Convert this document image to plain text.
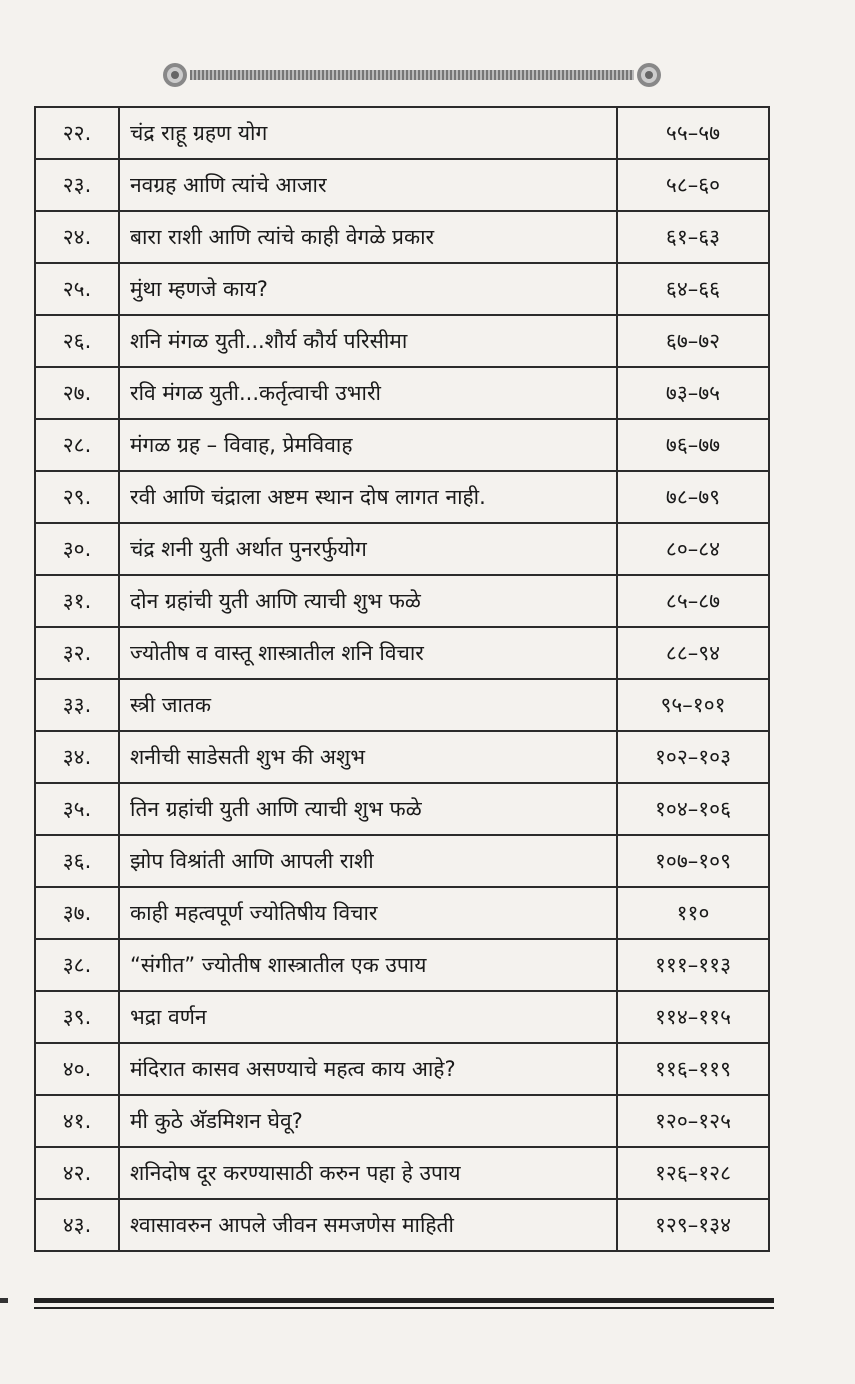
२२.	चंद्र राहू ग्रहण योग	५५–५७
२३.	नवग्रह आणि त्यांचे आजार	५८–६०
२४.	बारा राशी आणि त्यांचे काही वेगळे प्रकार	६१–६३
२५.	मुंथा म्हणजे काय?	६४–६६
२६.	शनि मंगळ युती...शौर्य कौर्य परिसीमा	६७–७२
२७.	रवि मंगळ युती...कर्तृत्वाची उभारी	७३–७५
२८.	मंगळ ग्रह – विवाह, प्रेमविवाह	७६–७७
२९.	रवी आणि चंद्राला अष्टम स्थान दोष लागत नाही.	७८–७९
३०.	चंद्र शनी युती अर्थात पुनरर्फुयोग	८०–८४
३१.	दोन ग्रहांची युती आणि त्याची शुभ फळे	८५–८७
३२.	ज्योतीष व वास्तू शास्त्रातील शनि विचार	८८–९४
३३.	स्त्री जातक	९५–१०१
३४.	शनीची साडेसती शुभ की अशुभ	१०२–१०३
३५.	तिन ग्रहांची युती आणि त्याची शुभ फळे	१०४–१०६
३६.	झोप विश्रांती आणि आपली राशी	१०७–१०९
३७.	काही महत्वपूर्ण ज्योतिषीय विचार	११०
३८.	“संगीत” ज्योतीष शास्त्रातील एक उपाय	१११–११३
३९.	भद्रा वर्णन	११४–११५
४०.	मंदिरात कासव असण्याचे महत्व काय आहे?	११६–११९
४१.	मी कुठे अ‍ॅडमिशन घेवू?	१२०–१२५
४२.	शनिदोष दूर करण्यासाठी करुन पहा हे उपाय	१२६–१२८
४३.	श्वासावरुन आपले जीवन समजणेस माहिती	१२९–१३४
